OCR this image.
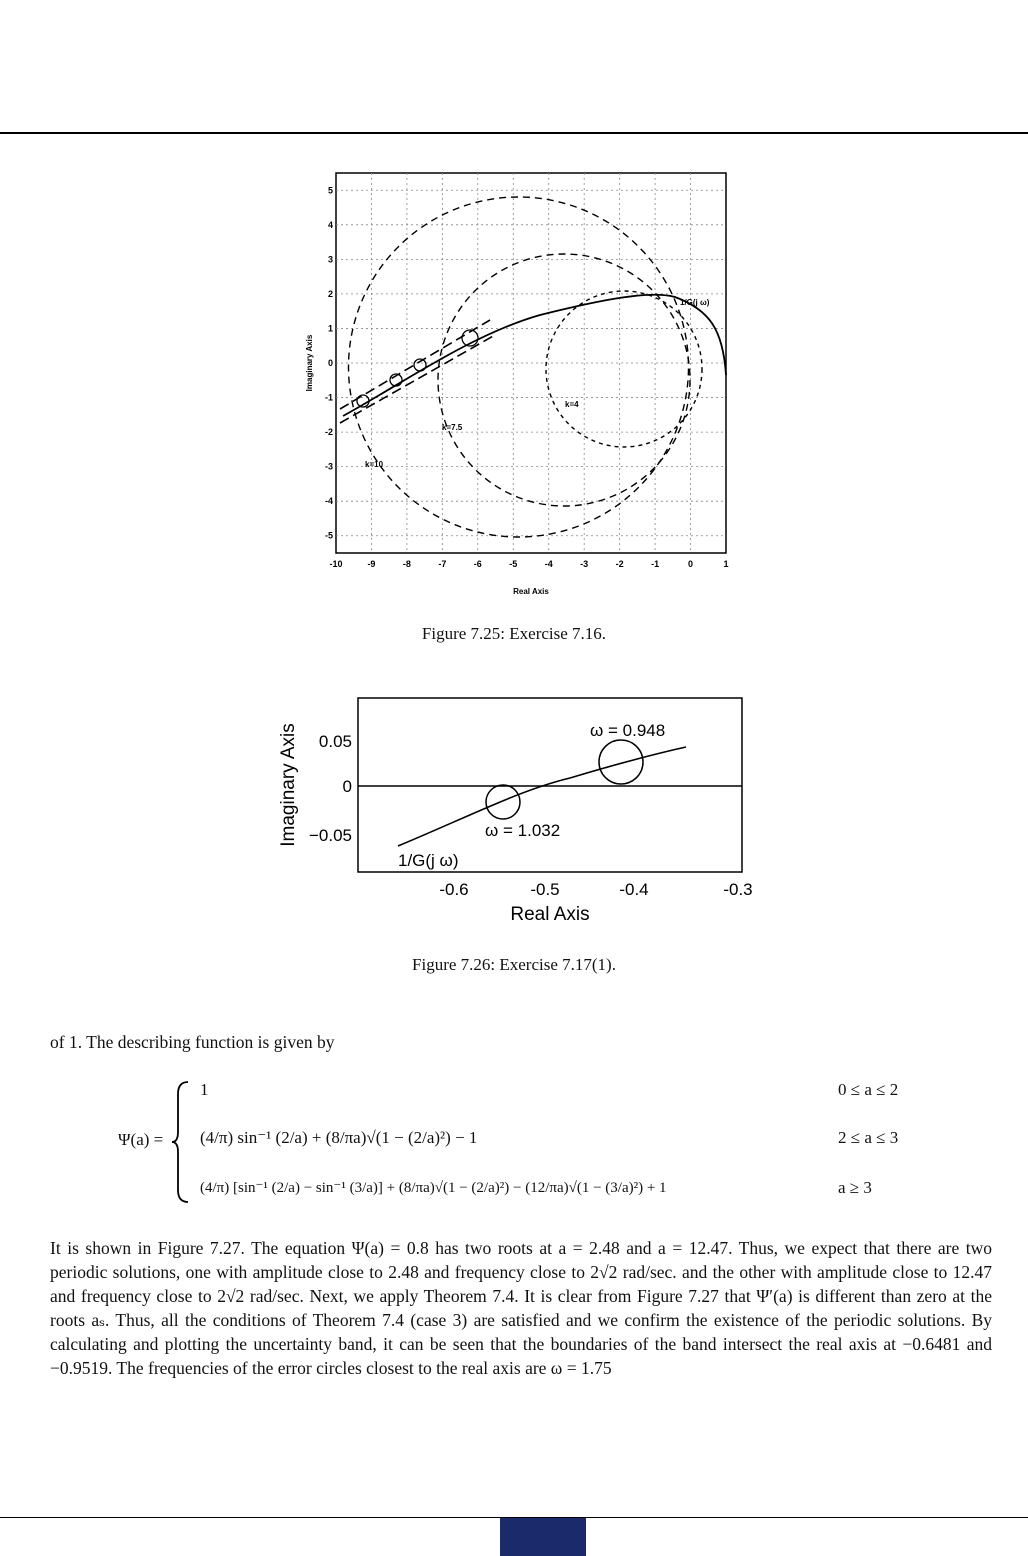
5
4
3
2
1
0
-1
-2
-3
-4
-5
-10	-9	-8	-7	-6	-5	-4	-3	-2	-1	0	1
k=10
k=7.5
k=4
1/G(j ω)
Real Axis
Imaginary Axis
Figure 7.25: Exercise 7.16.
0.05
0
−0.05
-0.6	-0.5	-0.4	-0.3
ω = 0.948
ω = 1.032
1/G(j ω)
Real Axis
Imaginary Axis
Figure 7.26: Exercise 7.17(1).
of 1. The describing function is given by
Ψ(a) =
1	0 ≤ a ≤ 2
(4/π) sin⁻¹ (2/a) + (8/πa)√(1 − (2/a)²) − 1	2 ≤ a ≤ 3
(4/π) [sin⁻¹ (2/a) − sin⁻¹ (3/a)] + (8/πa)√(1 − (2/a)²) − (12/πa)√(1 − (3/a)²) + 1	a ≥ 3
It is shown in Figure 7.27. The equation Ψ(a) = 0.8 has two roots at a = 2.48 and a = 12.47. Thus, we expect that there are two periodic solutions, one with amplitude close to 2.48 and frequency close to 2√2 rad/sec. and the other with amplitude close to 12.47 and frequency close to 2√2 rad/sec. Next, we apply Theorem 7.4. It is clear from Figure 7.27 that Ψ′(a) is different than zero at the roots aₛ. Thus, all the conditions of Theorem 7.4 (case 3) are satisfied and we confirm the existence of the periodic solutions. By calculating and plotting the uncertainty band, it can be seen that the boundaries of the band intersect the real axis at −0.6481 and −0.9519. The frequencies of the error circles closest to the real axis are ω = 1.75
